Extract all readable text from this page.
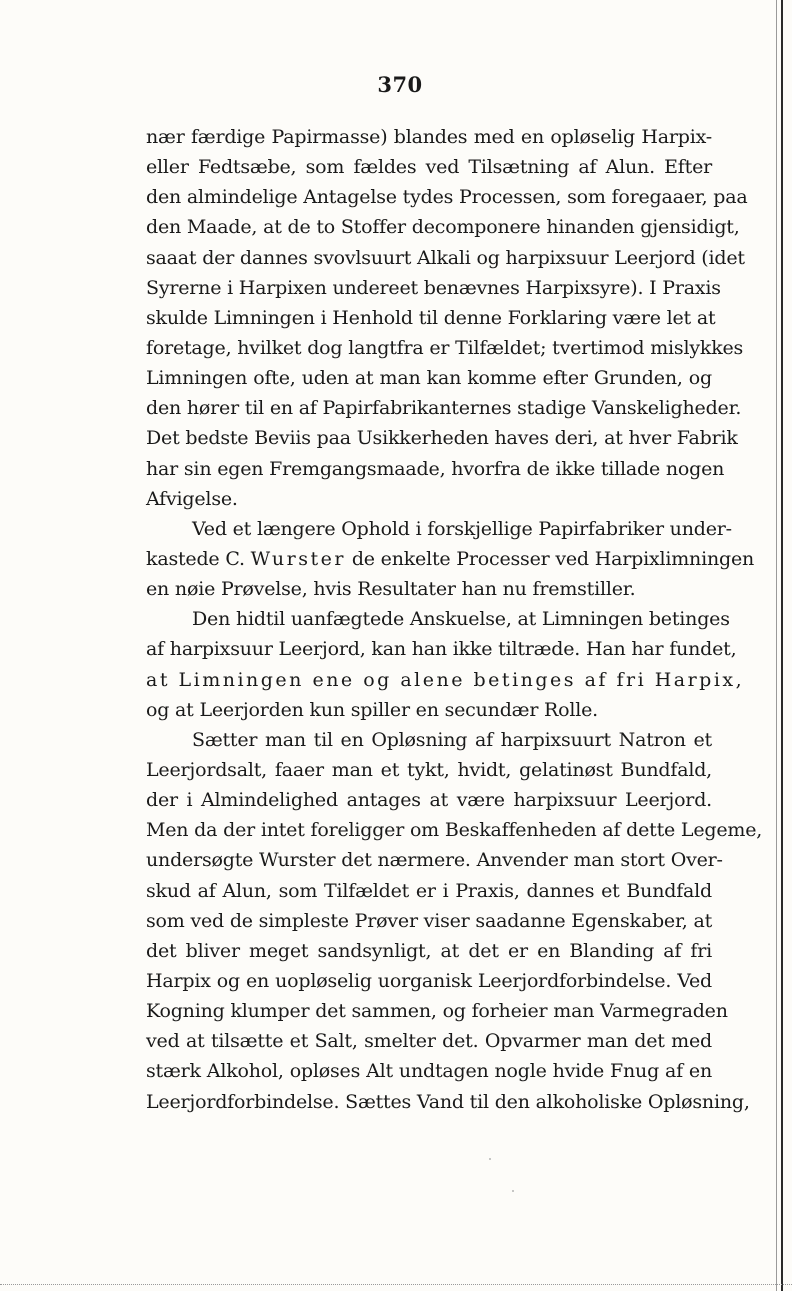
370
nær færdige Papirmasse) blandes med en opløselig Harpix-
eller Fedtsæbe, som fældes ved Tilsætning af Alun. Efter
den almindelige Antagelse tydes Processen, som foregaaer, paa
den Maade, at de to Stoffer decomponere hinanden gjensidigt,
saaat der dannes svovlsuurt Alkali og harpixsuur Leerjord (idet
Syrerne i Harpixen undereet benævnes Harpixsyre). I Praxis
skulde Limningen i Henhold til denne Forklaring være let at
foretage, hvilket dog langtfra er Tilfældet; tvertimod mislykkes
Limningen ofte, uden at man kan komme efter Grunden, og
den hører til en af Papirfabrikanternes stadige Vanskeligheder.
Det bedste Beviis paa Usikkerheden haves deri, at hver Fabrik
har sin egen Fremgangsmaade, hvorfra de ikke tillade nogen
Afvigelse.
Ved et længere Ophold i forskjellige Papirfabriker under-
kastede C. Wurster de enkelte Processer ved Harpixlimningen
en nøie Prøvelse, hvis Resultater han nu fremstiller.
Den hidtil uanfægtede Anskuelse, at Limningen betinges
af harpixsuur Leerjord, kan han ikke tiltræde. Han har fundet,
at Limningen ene og alene betinges af fri Harpix,
og at Leerjorden kun spiller en secundær Rolle.
Sætter man til en Opløsning af harpixsuurt Natron et
Leerjordsalt, faaer man et tykt, hvidt, gelatinøst Bundfald,
der i Almindelighed antages at være harpixsuur Leerjord.
Men da der intet foreligger om Beskaffenheden af dette Legeme,
undersøgte Wurster det nærmere. Anvender man stort Over-
skud af Alun, som Tilfældet er i Praxis, dannes et Bundfald
som ved de simpleste Prøver viser saadanne Egenskaber, at
det bliver meget sandsynligt, at det er en Blanding af fri
Harpix og en uopløselig uorganisk Leerjordforbindelse. Ved
Kogning klumper det sammen, og forheier man Varmegraden
ved at tilsætte et Salt, smelter det. Opvarmer man det med
stærk Alkohol, opløses Alt undtagen nogle hvide Fnug af en
Leerjordforbindelse. Sættes Vand til den alkoholiske Opløsning,
